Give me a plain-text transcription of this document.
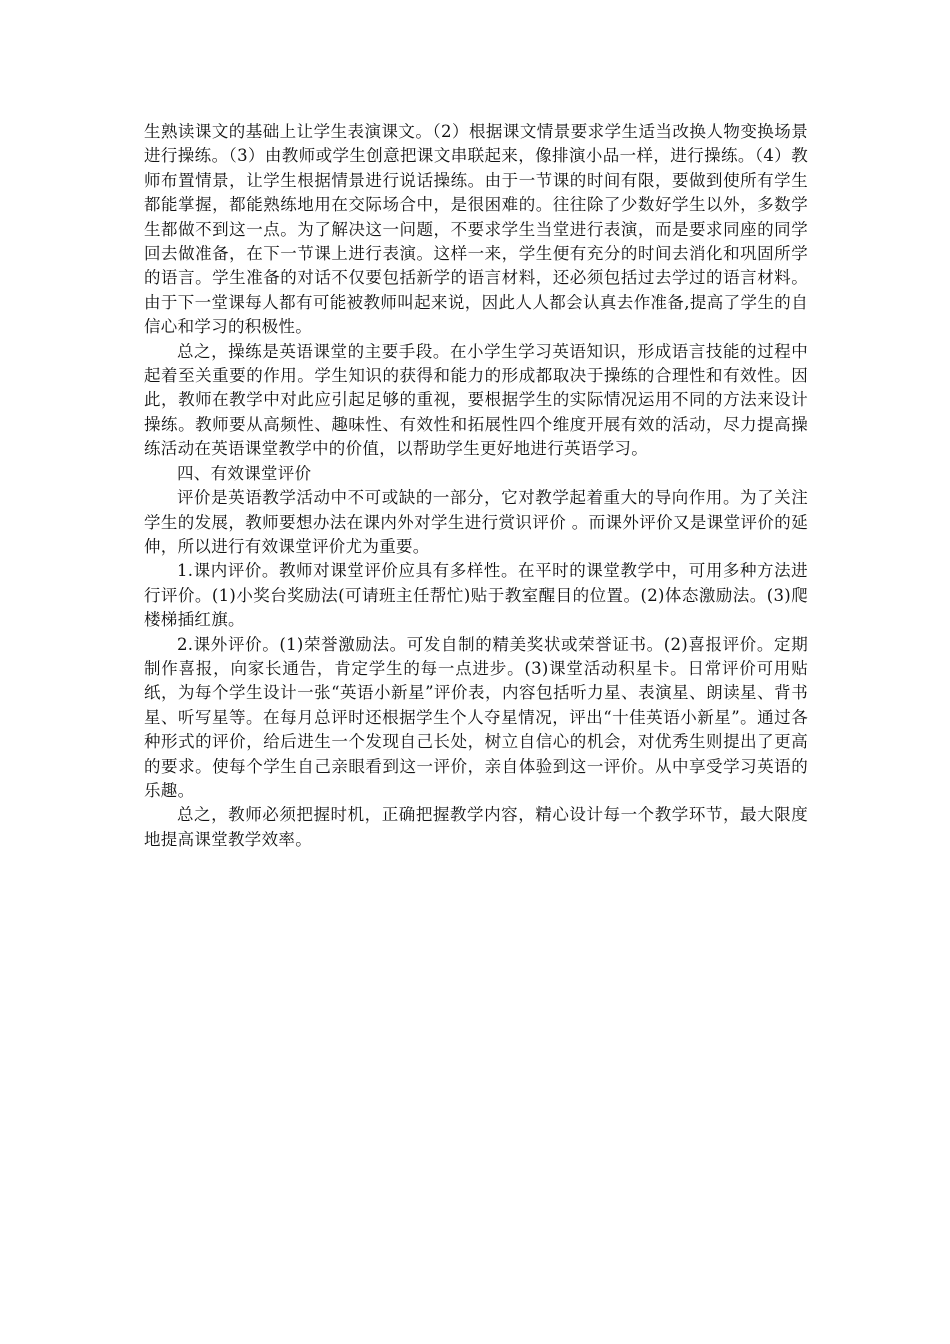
生熟读课文的基础上让学生表演课文。（2）根据课文情景要求学生适当改换人物变换场景进行操练。（3）由教师或学生创意把课文串联起来，像排演小品一样，进行操练。（4）教师布置情景，让学生根据情景进行说话操练。由于一节课的时间有限，要做到使所有学生都能掌握，都能熟练地用在交际场合中，是很困难的。往往除了少数好学生以外，多数学生都做不到这一点。为了解决这一问题，不要求学生当堂进行表演，而是要求同座的同学回去做准备，在下一节课上进行表演。这样一来，学生便有充分的时间去消化和巩固所学的语言。学生准备的对话不仅要包括新学的语言材料，还必须包括过去学过的语言材料。由于下一堂课每人都有可能被教师叫起来说，因此人人都会认真去作准备,提高了学生的自信心和学习的积极性。

总之，操练是英语课堂的主要手段。在小学生学习英语知识，形成语言技能的过程中起着至关重要的作用。学生知识的获得和能力的形成都取决于操练的合理性和有效性。因此，教师在教学中对此应引起足够的重视，要根据学生的实际情况运用不同的方法来设计操练。教师要从高频性、趣味性、有效性和拓展性四个维度开展有效的活动，尽力提高操练活动在英语课堂教学中的价值，以帮助学生更好地进行英语学习。

四、有效课堂评价

评价是英语教学活动中不可或缺的一部分，它对教学起着重大的导向作用。为了关注学生的发展，教师要想办法在课内外对学生进行赏识评价 。而课外评价又是课堂评价的延伸，所以进行有效课堂评价尤为重要。

1.课内评价。教师对课堂评价应具有多样性。在平时的课堂教学中，可用多种方法进行评价。(1)小奖台奖励法(可请班主任帮忙)贴于教室醒目的位置。(2)体态激励法。(3)爬楼梯插红旗。

2.课外评价。(1)荣誉激励法。可发自制的精美奖状或荣誉证书。(2)喜报评价。定期制作喜报，向家长通告，肯定学生的每一点进步。(3)课堂活动积星卡。日常评价可用贴纸，为每个学生设计一张“英语小新星”评价表，内容包括听力星、表演星、朗读星、背书星、听写星等。在每月总评时还根据学生个人夺星情况，评出“十佳英语小新星”。通过各种形式的评价，给后进生一个发现自己长处，树立自信心的机会，对优秀生则提出了更高的要求。使每个学生自己亲眼看到这一评价，亲自体验到这一评价。从中享受学习英语的乐趣。

总之，教师必须把握时机，正确把握教学内容，精心设计每一个教学环节，最大限度地提高课堂教学效率。
